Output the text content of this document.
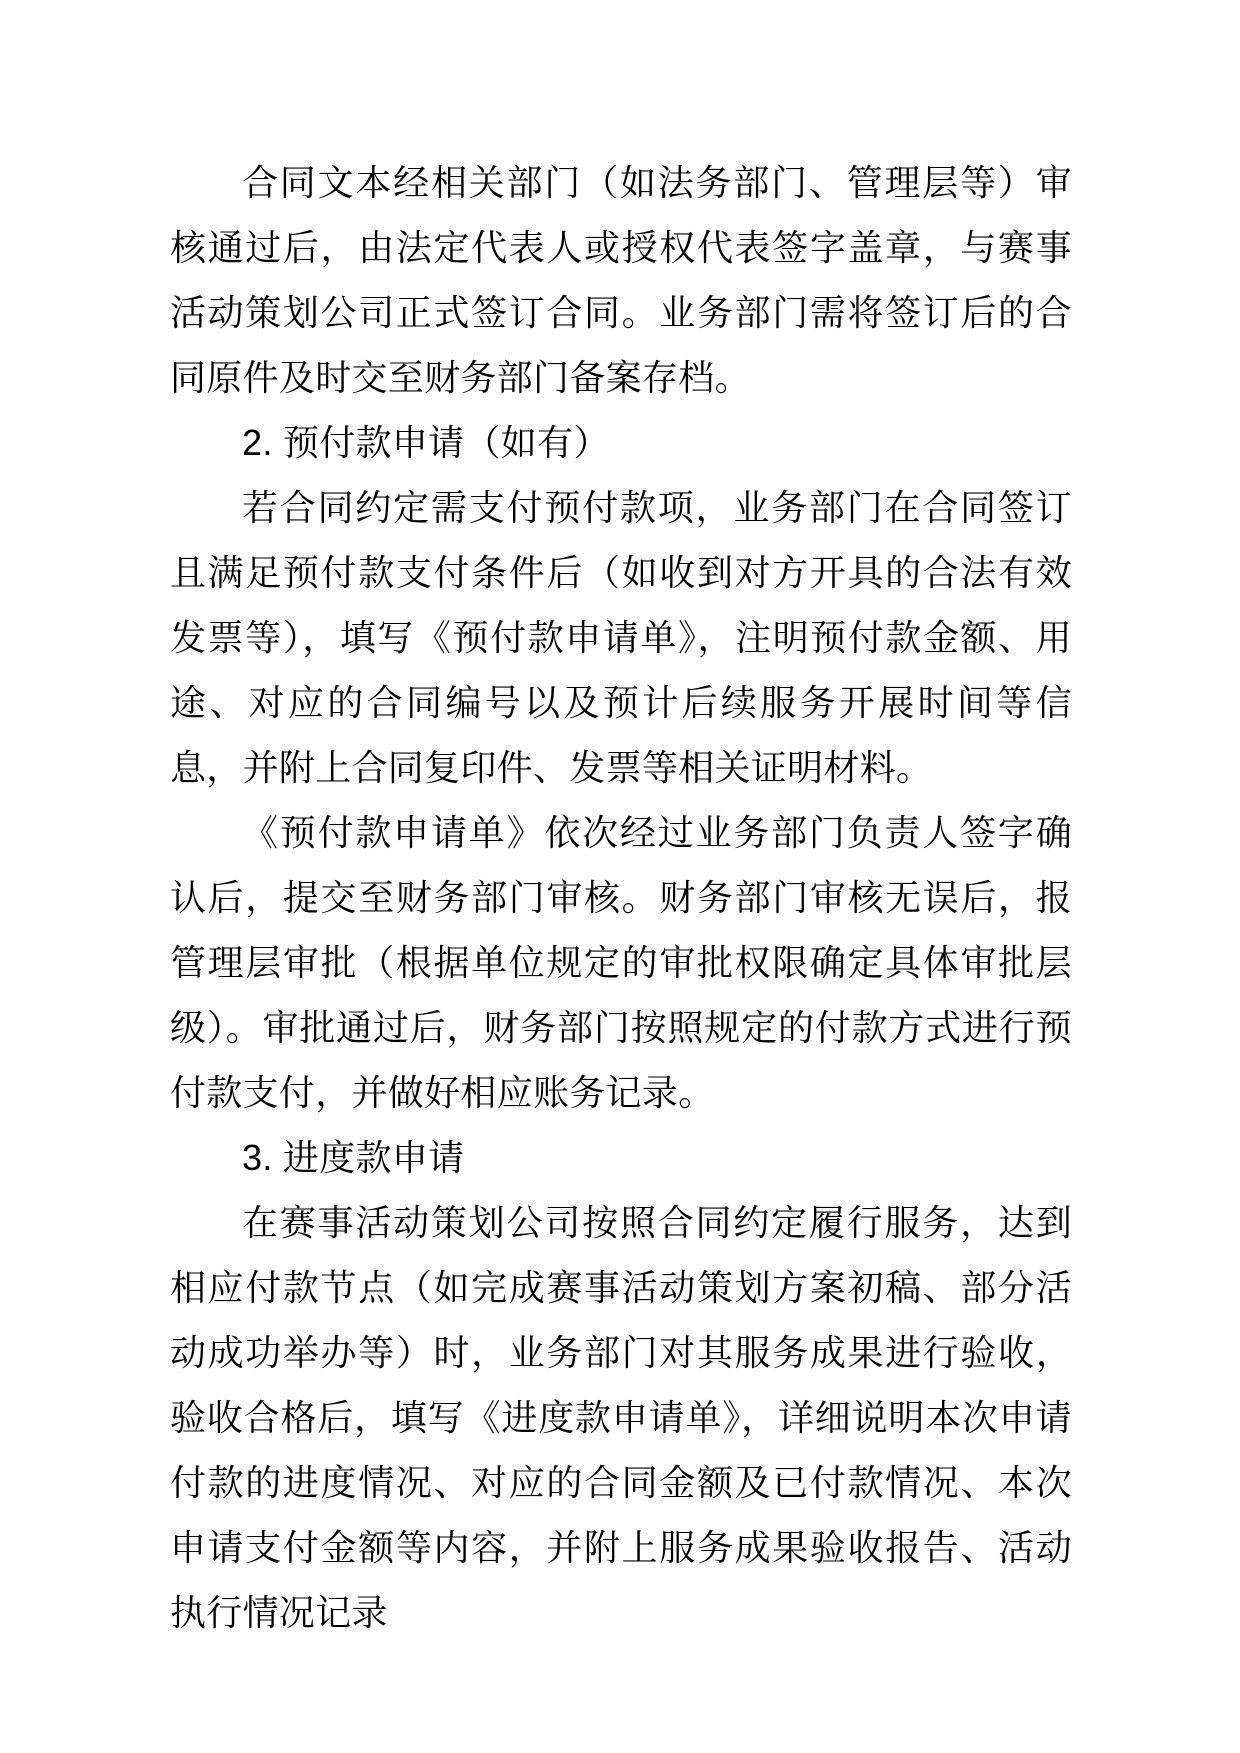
合同文本经相关部门（如法务部门、管理层等）审核通过后，由法定代表人或授权代表签字盖章，与赛事活动策划公司正式签订合同。业务部门需将签订后的合同原件及时交至财务部门备案存档。

2. 预付款申请（如有）

若合同约定需支付预付款项，业务部门在合同签订且满足预付款支付条件后（如收到对方开具的合法有效发票等），填写《预付款申请单》，注明预付款金额、用途、对应的合同编号以及预计后续服务开展时间等信息，并附上合同复印件、发票等相关证明材料。

《预付款申请单》依次经过业务部门负责人签字确认后，提交至财务部门审核。财务部门审核无误后，报管理层审批（根据单位规定的审批权限确定具体审批层级）。审批通过后，财务部门按照规定的付款方式进行预付款支付，并做好相应账务记录。

3. 进度款申请

在赛事活动策划公司按照合同约定履行服务，达到相应付款节点（如完成赛事活动策划方案初稿、部分活动成功举办等）时，业务部门对其服务成果进行验收，验收合格后，填写《进度款申请单》，详细说明本次申请付款的进度情况、对应的合同金额及已付款情况、本次申请支付金额等内容，并附上服务成果验收报告、活动执行情况记录
